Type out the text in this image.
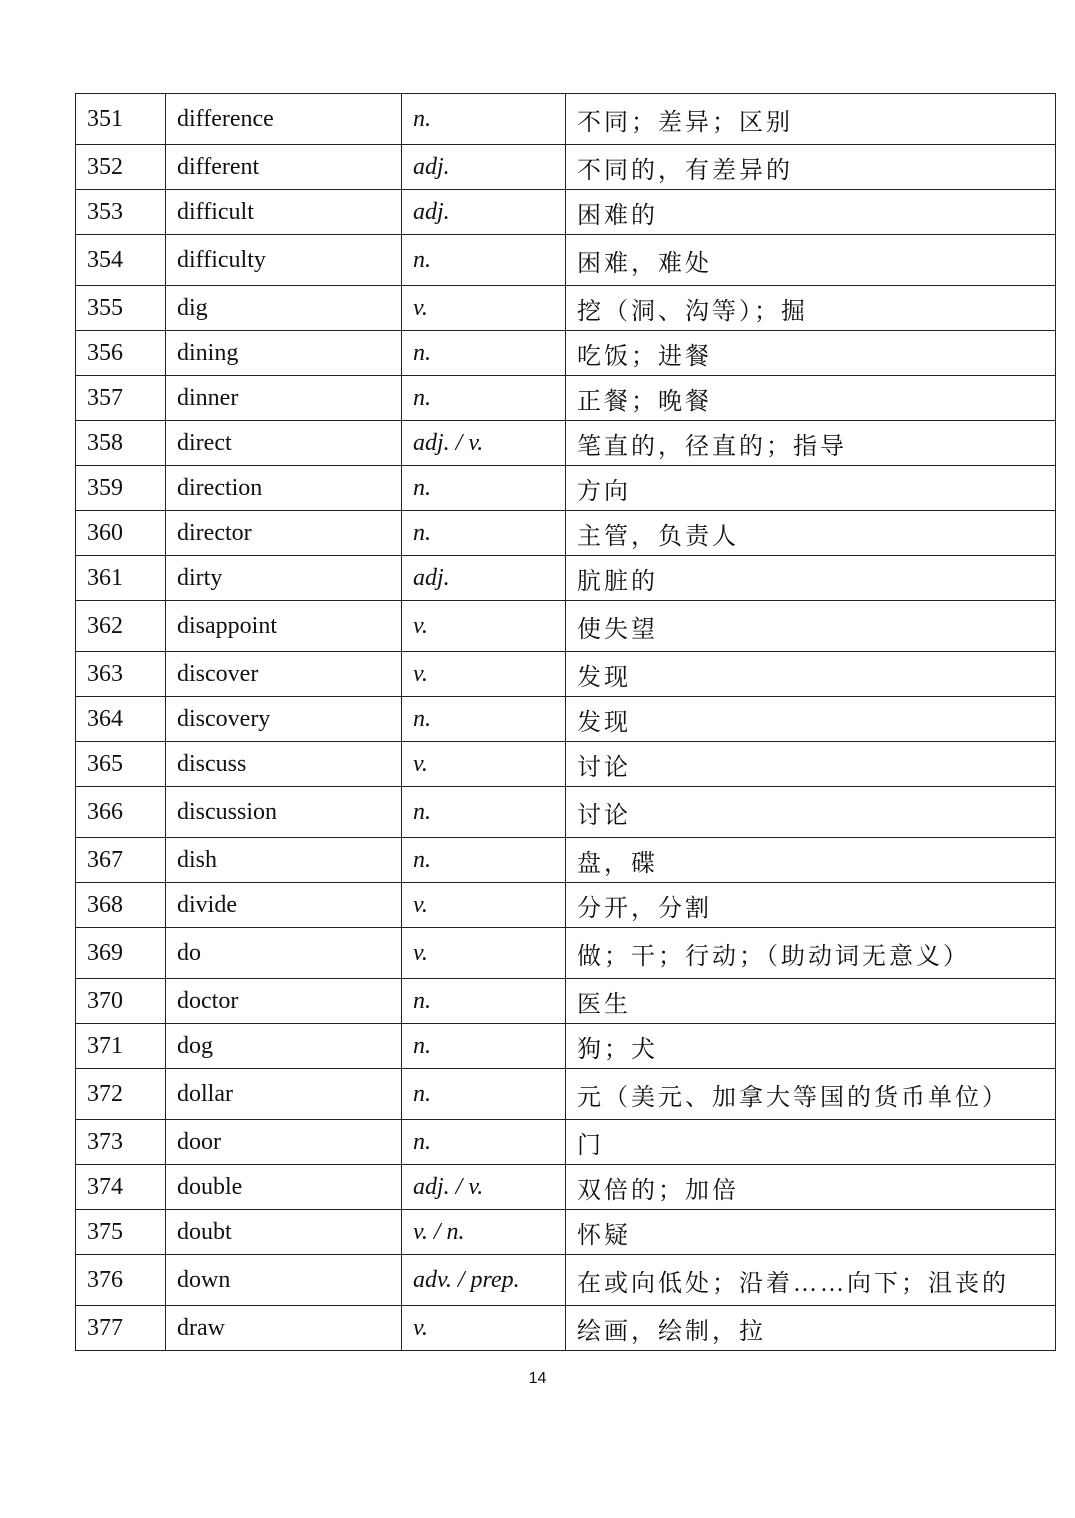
351	difference	n.	不同；差异；区别
352	different	adj.	不同的，有差异的
353	difficult	adj.	困难的
354	difficulty	n.	困难，难处
355	dig	v.	挖（洞、沟等）；掘
356	dining	n.	吃饭；进餐
357	dinner	n.	正餐；晚餐
358	direct	adj. / v.	笔直的，径直的；指导
359	direction	n.	方向
360	director	n.	主管，负责人
361	dirty	adj.	肮脏的
362	disappoint	v.	使失望
363	discover	v.	发现
364	discovery	n.	发现
365	discuss	v.	讨论
366	discussion	n.	讨论
367	dish	n.	盘，碟
368	divide	v.	分开，分割
369	do	v.	做；干；行动；（助动词无意义）
370	doctor	n.	医生
371	dog	n.	狗；犬
372	dollar	n.	元（美元、加拿大等国的货币单位）
373	door	n.	门
374	double	adj. / v.	双倍的；加倍
375	doubt	v. / n.	怀疑
376	down	adv. / prep.	在或向低处；沿着……向下；沮丧的
377	draw	v.	绘画，绘制，拉
14
